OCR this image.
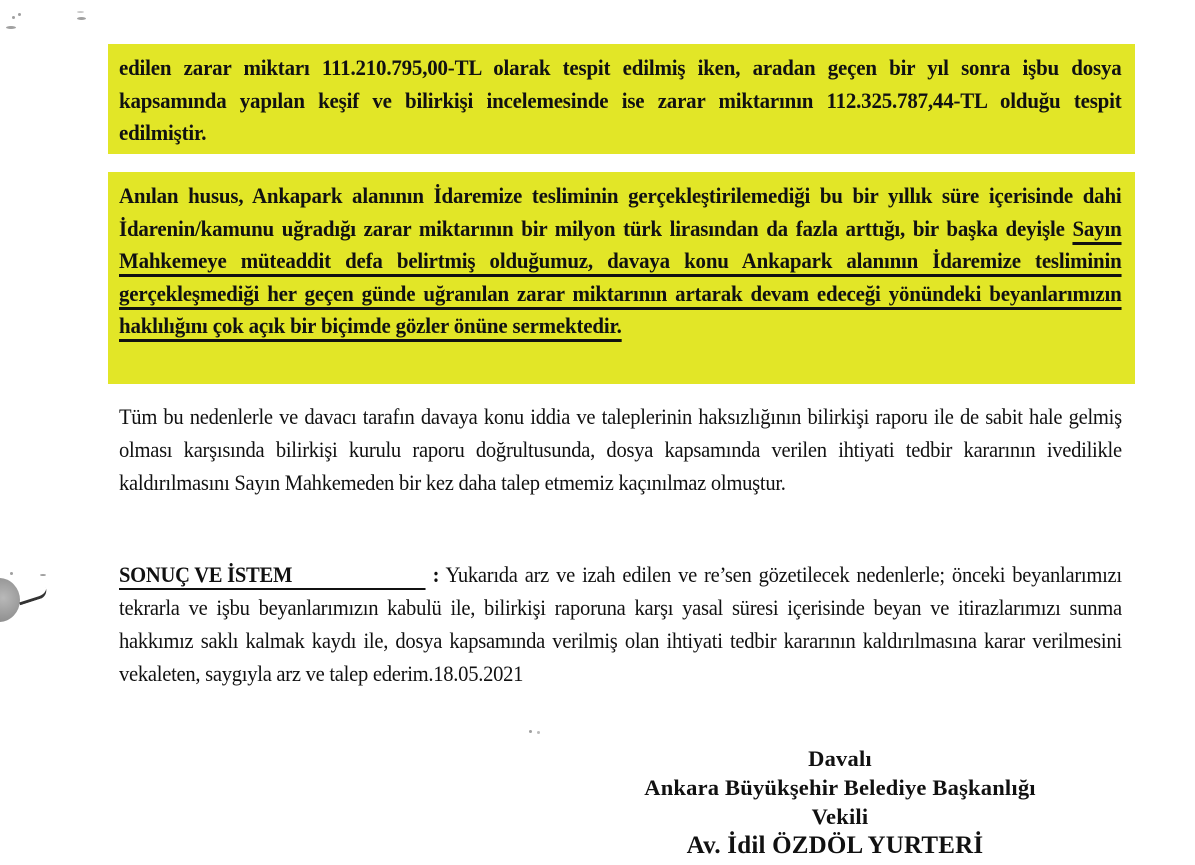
edilen zarar miktarı 111.210.795,00-TL olarak tespit edilmiş iken, aradan geçen bir yıl sonra işbu dosya kapsamında yapılan keşif ve bilirkişi incelemesinde ise zarar miktarının 112.325.787,44-TL olduğu tespit edilmiştir.

Anılan husus, Ankapark alanının İdaremize tesliminin gerçekleştirilemediği bu bir yıllık süre içerisinde dahi İdarenin/kamunu uğradığı zarar miktarının bir milyon türk lirasından da fazla arttığı, bir başka deyişle Sayın Mahkemeye müteaddit defa belirtmiş olduğumuz, davaya konu Ankapark alanının İdaremize tesliminin gerçekleşmediği her geçen günde uğranılan zarar miktarının artarak devam edeceği yönündeki beyanlarımızın haklılığını çok açık bir biçimde gözler önüne sermektedir.

Tüm bu nedenlerle ve davacı tarafın davaya konu iddia ve taleplerinin haksızlığının bilirkişi raporu ile de sabit hale gelmiş olması karşısında bilirkişi kurulu raporu doğrultusunda, dosya kapsamında verilen ihtiyati tedbir kararının ivedilikle kaldırılmasını Sayın Mahkemeden bir kez daha talep etmemiz kaçınılmaz olmuştur.

SONUÇ VE İSTEM	: Yukarıda arz ve izah edilen ve re’sen gözetilecek nedenlerle; önceki beyanlarımızı tekrarla ve işbu beyanlarımızın kabulü ile, bilirkişi raporuna karşı yasal süresi içerisinde beyan ve itirazlarımızı sunma hakkımız saklı kalmak kaydı ile, dosya kapsamında verilmiş olan ihtiyati tedbir kararının kaldırılmasına karar verilmesini vekaleten, saygıyla arz ve talep ederim.18.05.2021

Davalı
Ankara Büyükşehir Belediye Başkanlığı
Vekili
Av. İdil ÖZDÖL YURTERİ
